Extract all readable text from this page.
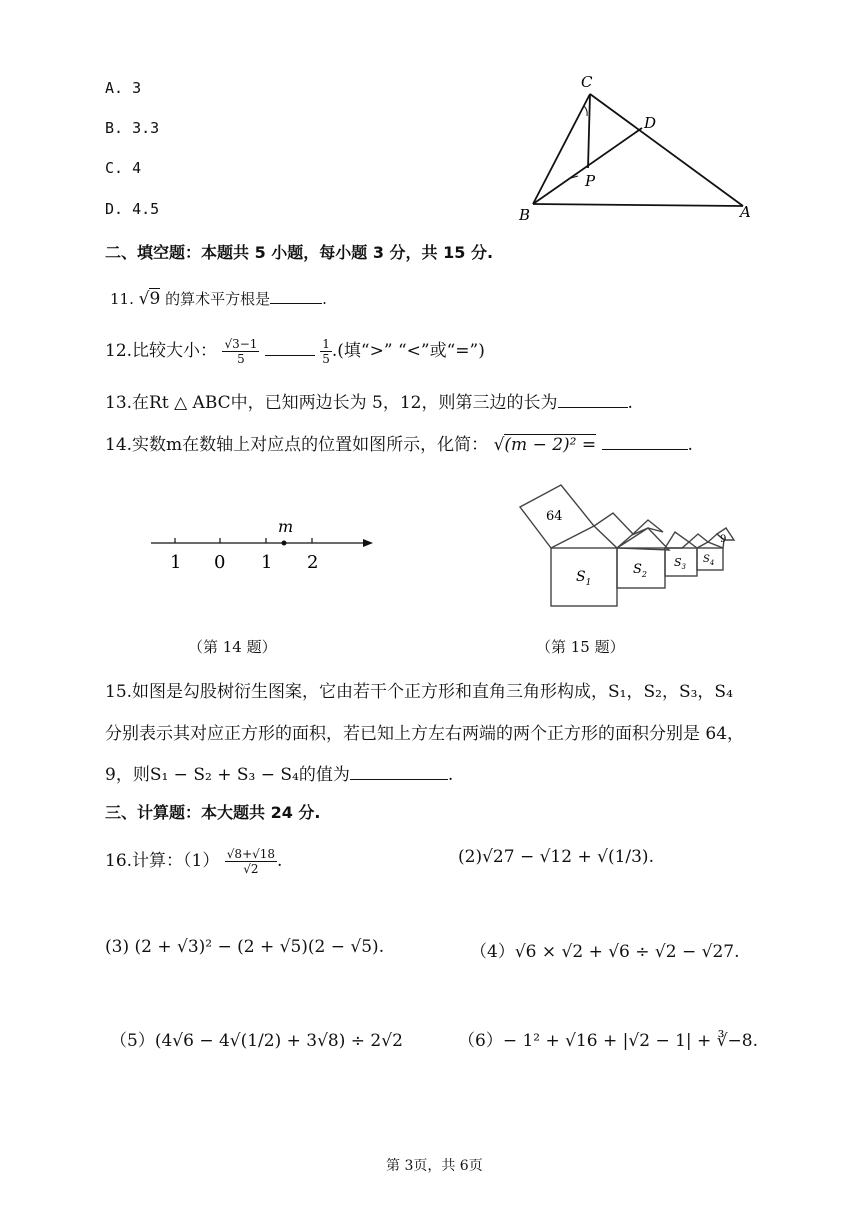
A. 3
B. 3.3
C. 4
D. 4.5
C
D
P
B	A
二、填空题：本题共 5 小题，每小题 3 分，共 15 分.
11. √9 的算术平方根是	.
12.比较大小： $\frac{√3-1}{5}$
	$\frac{1}{5}$ .(填“>” “<”或“=”)
13.在Rt △ ABC中，已知两边长为 5，12，则第三边的长为	.
14.实数m在数轴上对应点的位置如图所示，化简： √(m − 2)² =	.
m
1 0 1 2
64
9
$S_1$
$S_2$
$S_3$
$S_4$
（第 14 题）	（第 15 题）
15.如图是勾股树衍生图案，它由若干个正方形和直角三角形构成，S₁，S₂，S₃，S₄
分别表示其对应正方形的面积，若已知上方左右两端的两个正方形的面积分别是 64，
9，则S₁ − S₂ + S₃ − S₄的值为	.
三、计算题：本大题共 24 分.
16.计算：$(1) \frac{√8+√18}{√2}$ .	(2)√27 − √12 + √(1/3).
(3) (2 + √3)² − (2 + √5)(2 − √5).	（4）√6 × √2 + √6 ÷ √2 − √27.
（5）(4√6 − 4√(1/2) + 3√8) ÷ 2√2	（6）− 1² + √16 + |√2 − 1| + ∛−8.
第 3页，共 6页
